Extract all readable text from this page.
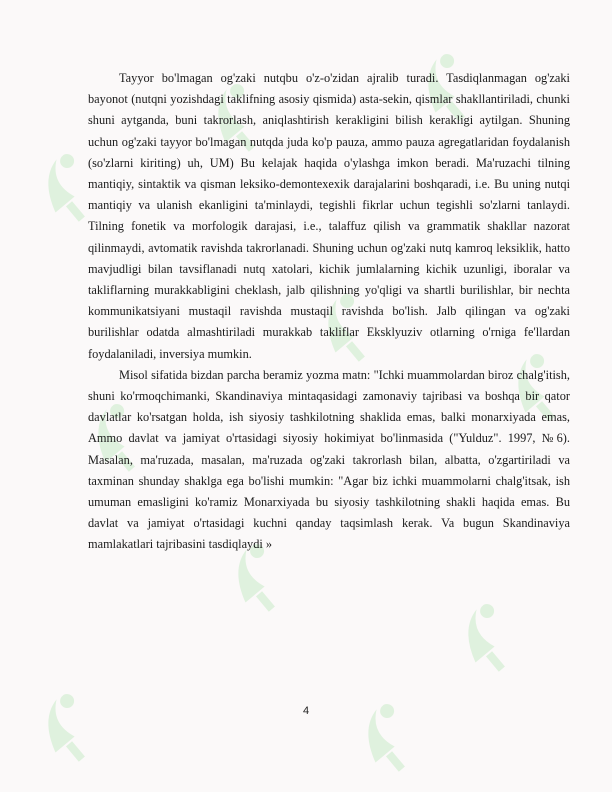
Tayyor bo'lmagan og'zaki nutqbu o'z-o'zidan ajralib turadi. Tasdiqlanmagan og'zaki bayonot (nutqni yozishdagi taklifning asosiy qismida) asta-sekin, qismlar shakllantiriladi, chunki shuni aytganda, buni takrorlash, aniqlashtirish kerakligini bilish kerakligi aytilgan. Shuning uchun og'zaki tayyor bo'lmagan nutqda juda ko'p pauza, ammo pauza agregatlaridan foydalanish (so'zlarni kiriting) uh, UM) Bu kelajak haqida o'ylashga imkon beradi. Ma'ruzachi tilning mantiqiy, sintaktik va qisman leksiko-demontexexik darajalarini boshqaradi, i.e. Bu uning nutqi mantiqiy va ulanish ekanligini ta'minlaydi, tegishli fikrlar uchun tegishli so'zlarni tanlaydi. Tilning fonetik va morfologik darajasi, i.e., talaffuz qilish va grammatik shakllar nazorat qilinmaydi, avtomatik ravishda takrorlanadi. Shuning uchun og'zaki nutq kamroq leksiklik, hatto mavjudligi bilan tavsiflanadi nutq xatolari, kichik jumlalarning kichik uzunligi, iboralar va takliflarning murakkabligini cheklash, jalb qilishning yo'qligi va shartli burilishlar, bir nechta kommunikatsiyani mustaqil ravishda mustaqil ravishda bo'lish. Jalb qilingan va og'zaki burilishlar odatda almashtiriladi murakkab takliflar Eksklyuziv otlarning o'rniga fe'llardan foydalaniladi, inversiya mumkin.

Misol sifatida bizdan parcha beramiz yozma matn: "Ichki muammolardan biroz chalg'itish, shuni ko'rmoqchimanki, Skandinaviya mintaqasidagi zamonaviy tajribasi va boshqa bir qator davlatlar ko'rsatgan holda, ish siyosiy tashkilotning shaklida emas, balki monarxiyada emas, Ammo davlat va jamiyat o'rtasidagi siyosiy hokimiyat bo'linmasida ("Yulduz". 1997, №6). Masalan, ma'ruzada, masalan, ma'ruzada og'zaki takrorlash bilan, albatta, o'zgartiriladi va taxminan shunday shaklga ega bo'lishi mumkin: "Agar biz ichki muammolarni chalg'itsak, ish umuman emasligini ko'ramiz Monarxiyada bu siyosiy tashkilotning shakli haqida emas. Bu davlat va jamiyat o'rtasidagi kuchni qanday taqsimlash kerak. Va bugun Skandinaviya mamlakatlari tajribasini tasdiqlaydi »

4
